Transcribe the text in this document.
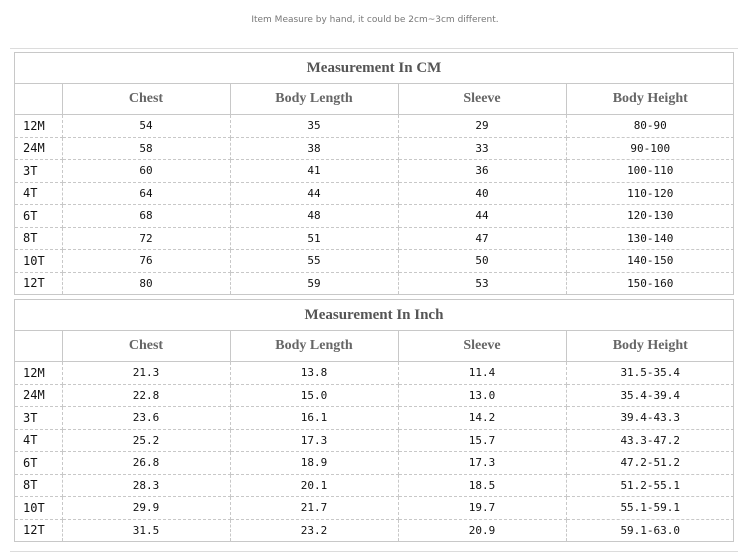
Item Measure by hand, it could be 2cm~3cm different.
Measurement In CM
	Chest	Body Length	Sleeve	Body Height
12M	54	35	29	80-90
24M	58	38	33	90-100
3T	60	41	36	100-110
4T	64	44	40	110-120
6T	68	48	44	120-130
8T	72	51	47	130-140
10T	76	55	50	140-150
12T	80	59	53	150-160
Measurement In Inch
	Chest	Body Length	Sleeve	Body Height
12M	21.3	13.8	11.4	31.5-35.4
24M	22.8	15.0	13.0	35.4-39.4
3T	23.6	16.1	14.2	39.4-43.3
4T	25.2	17.3	15.7	43.3-47.2
6T	26.8	18.9	17.3	47.2-51.2
8T	28.3	20.1	18.5	51.2-55.1
10T	29.9	21.7	19.7	55.1-59.1
12T	31.5	23.2	20.9	59.1-63.0
